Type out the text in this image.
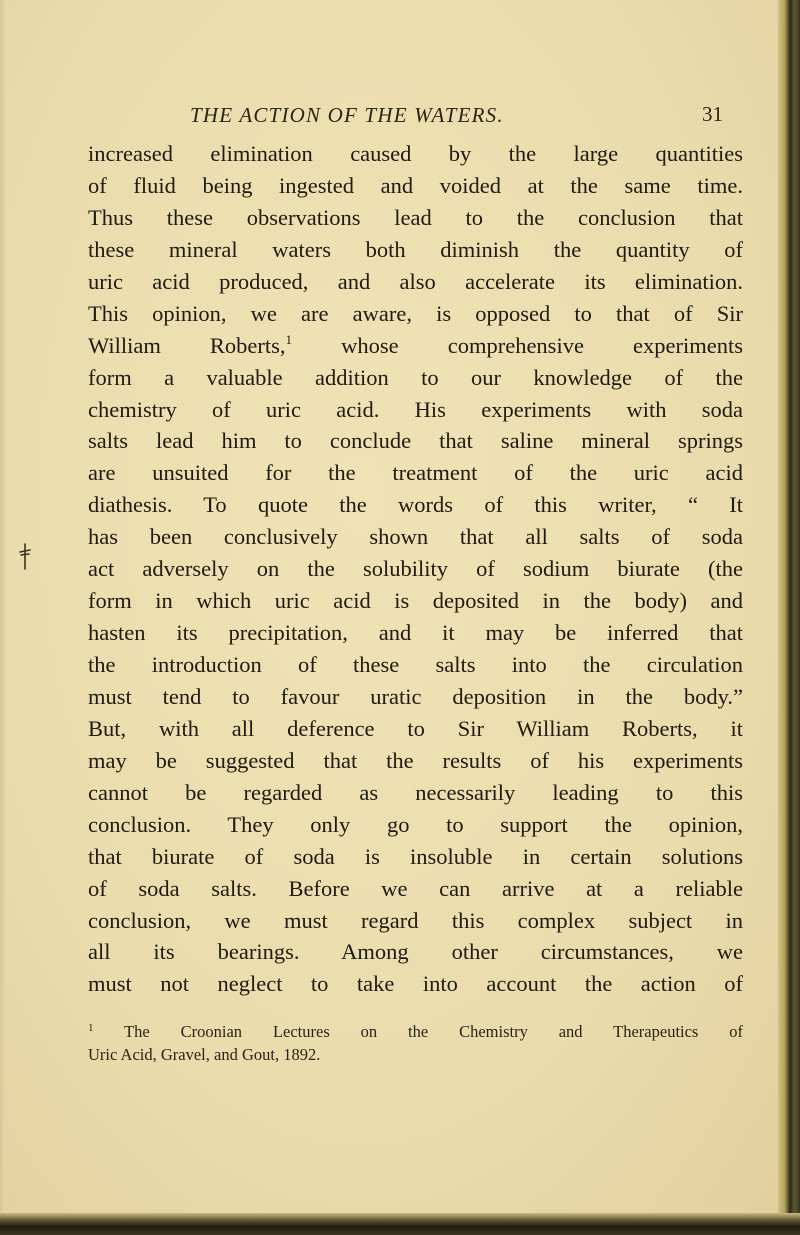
THE ACTION OF THE WATERS.	31
increased elimination caused by the large quantities
of fluid being ingested and voided at the same time.
Thus these observations lead to the conclusion that
these mineral waters both diminish the quantity of
uric acid produced, and also accelerate its elimination.
This opinion, we are aware, is opposed to that of Sir
William Roberts,$^1$ whose comprehensive experiments
form a valuable addition to our knowledge of the
chemistry of uric acid. His experiments with soda
salts lead him to conclude that saline mineral springs
are unsuited for the treatment of the uric acid
diathesis. To quote the words of this writer, “ It
has been conclusively shown that all salts of soda
act adversely on the solubility of sodium biurate (the
form in which uric acid is deposited in the body) and
hasten its precipitation, and it may be inferred that
the introduction of these salts into the circulation
must tend to favour uratic deposition in the body.”
But, with all deference to Sir William Roberts, it
may be suggested that the results of his experiments
cannot be regarded as necessarily leading to this
conclusion. They only go to support the opinion,
that biurate of soda is insoluble in certain solutions
of soda salts. Before we can arrive at a reliable
conclusion, we must regard this complex subject in
all its bearings. Among other circumstances, we
must not neglect to take into account the action of
$^1$ The Croonian Lectures on the Chemistry and Therapeutics of
Uric Acid, Gravel, and Gout, 1892.
